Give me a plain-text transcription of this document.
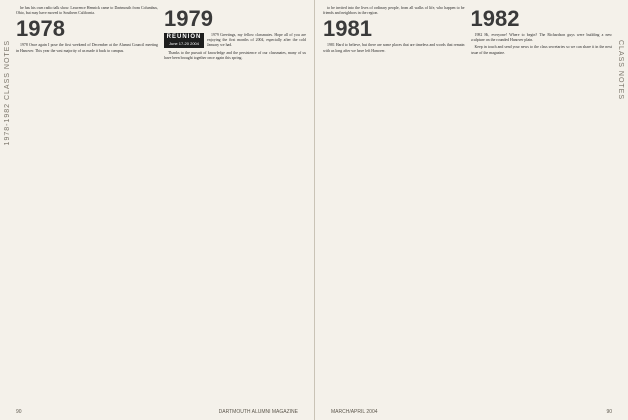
1978-1982 CLASS NOTES

he has his own radio talk show. Lawrence Hennick came to Dartmouth from Columbus, Ohio, but may have moved to Southern California.

1978

1978 Once again I pose the first weekend of December at the Alumni Council meeting in Hanover. This year the vast majority of us made it back to campus.

1979
REUNION
June 17-20 2004

1979 Greetings, my fellow classmates. Hope all of you are enjoying the first months of 2004, especially after the cold January we had.

Thanks to the pursuit of knowledge and the persistence of our classmates, many of us have been brought together once again this spring.

90	DARTMOUTH ALUMNI MAGAZINE
CLASS NOTES

to be invited into the lives of ordinary people, from all walks of life, who happen to be friends and neighbors in the region.

1981

1981 Hard to believe, but there are some places that are timeless and words that remain with us long after we have left Hanover.

1982

1982 Hi, everyone! Where to begin? The Richardson guys were building a new sculpture on the rounded Hanover plain.

Keep in touch and send your news to the class secretaries so we can share it in the next issue of the magazine.

MARCH/APRIL 2004	90
